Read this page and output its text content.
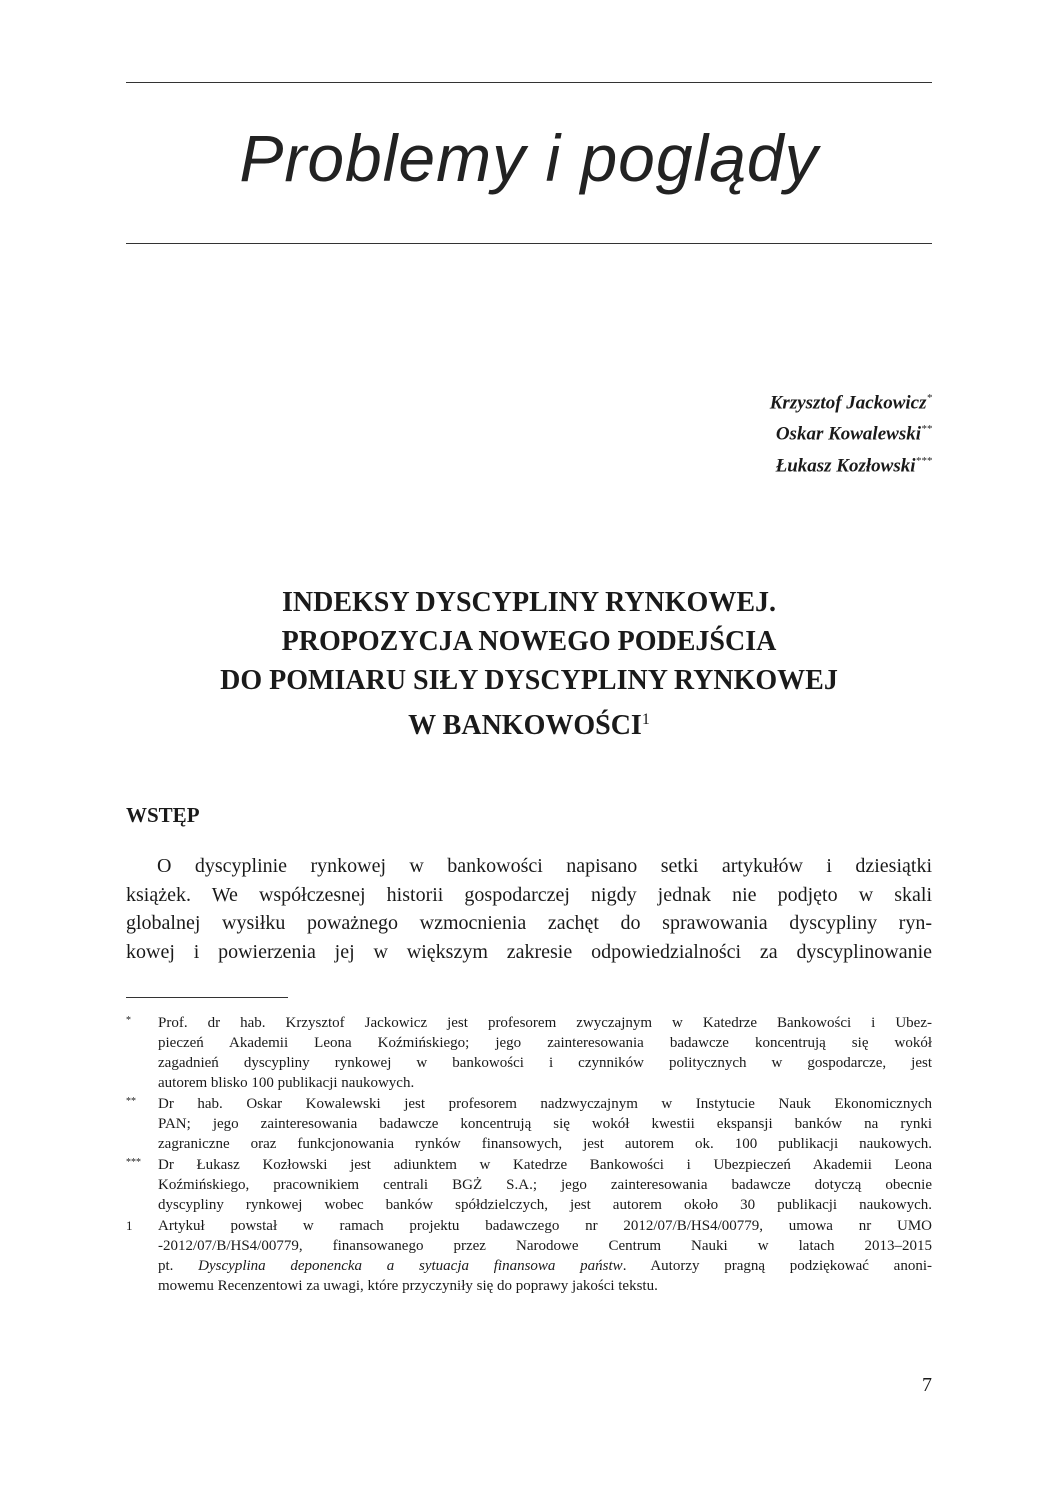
Problemy i poglądy
Krzysztof Jackowicz*
Oskar Kowalewski**
Łukasz Kozłowski***
INDEKSY DYSCYPLINY RYNKOWEJ.
PROPOZYCJA NOWEGO PODEJŚCIA
DO POMIARU SIŁY DYSCYPLINY RYNKOWEJ
W BANKOWOŚCI$^1$
WSTĘP
O dyscyplinie rynkowej w bankowości napisano setki artykułów i dziesiątki
książek. We współczesnej historii gospodarczej nigdy jednak nie podjęto w skali
globalnej wysiłku poważnego wzmocnienia zachęt do sprawowania dyscypliny ryn-
kowej i powierzenia jej w większym zakresie odpowiedzialności za dyscyplinowanie
* Prof. dr hab. Krzysztof Jackowicz jest profesorem zwyczajnym w Katedrze Bankowości i Ubez-
pieczeń Akademii Leona Koźmińskiego; jego zainteresowania badawcze koncentrują się wokół
zagadnień dyscypliny rynkowej w bankowości i czynników politycznych w gospodarcze, jest
autorem blisko 100 publikacji naukowych.
** Dr hab. Oskar Kowalewski jest profesorem nadzwyczajnym w Instytucie Nauk Ekonomicznych
PAN; jego zainteresowania badawcze koncentrują się wokół kwestii ekspansji banków na rynki
zagraniczne oraz funkcjonowania rynków finansowych, jest autorem ok. 100 publikacji naukowych.
*** Dr Łukasz Kozłowski jest adiunktem w Katedrze Bankowości i Ubezpieczeń Akademii Leona
Koźmińskiego, pracownikiem centrali BGŻ S.A.; jego zainteresowania badawcze dotyczą obecnie
dyscypliny rynkowej wobec banków spółdzielczych, jest autorem około 30 publikacji naukowych.
1 Artykuł powstał w ramach projektu badawczego nr 2012/07/B/HS4/00779, umowa nr UMO
-2012/07/B/HS4/00779, finansowanego przez Narodowe Centrum Nauki w latach 2013–2015
pt. Dyscyplina deponencka a sytuacja finansowa państw. Autorzy pragną podziękować anoni-
mowemu Recenzentowi za uwagi, które przyczyniły się do poprawy jakości tekstu.
7
